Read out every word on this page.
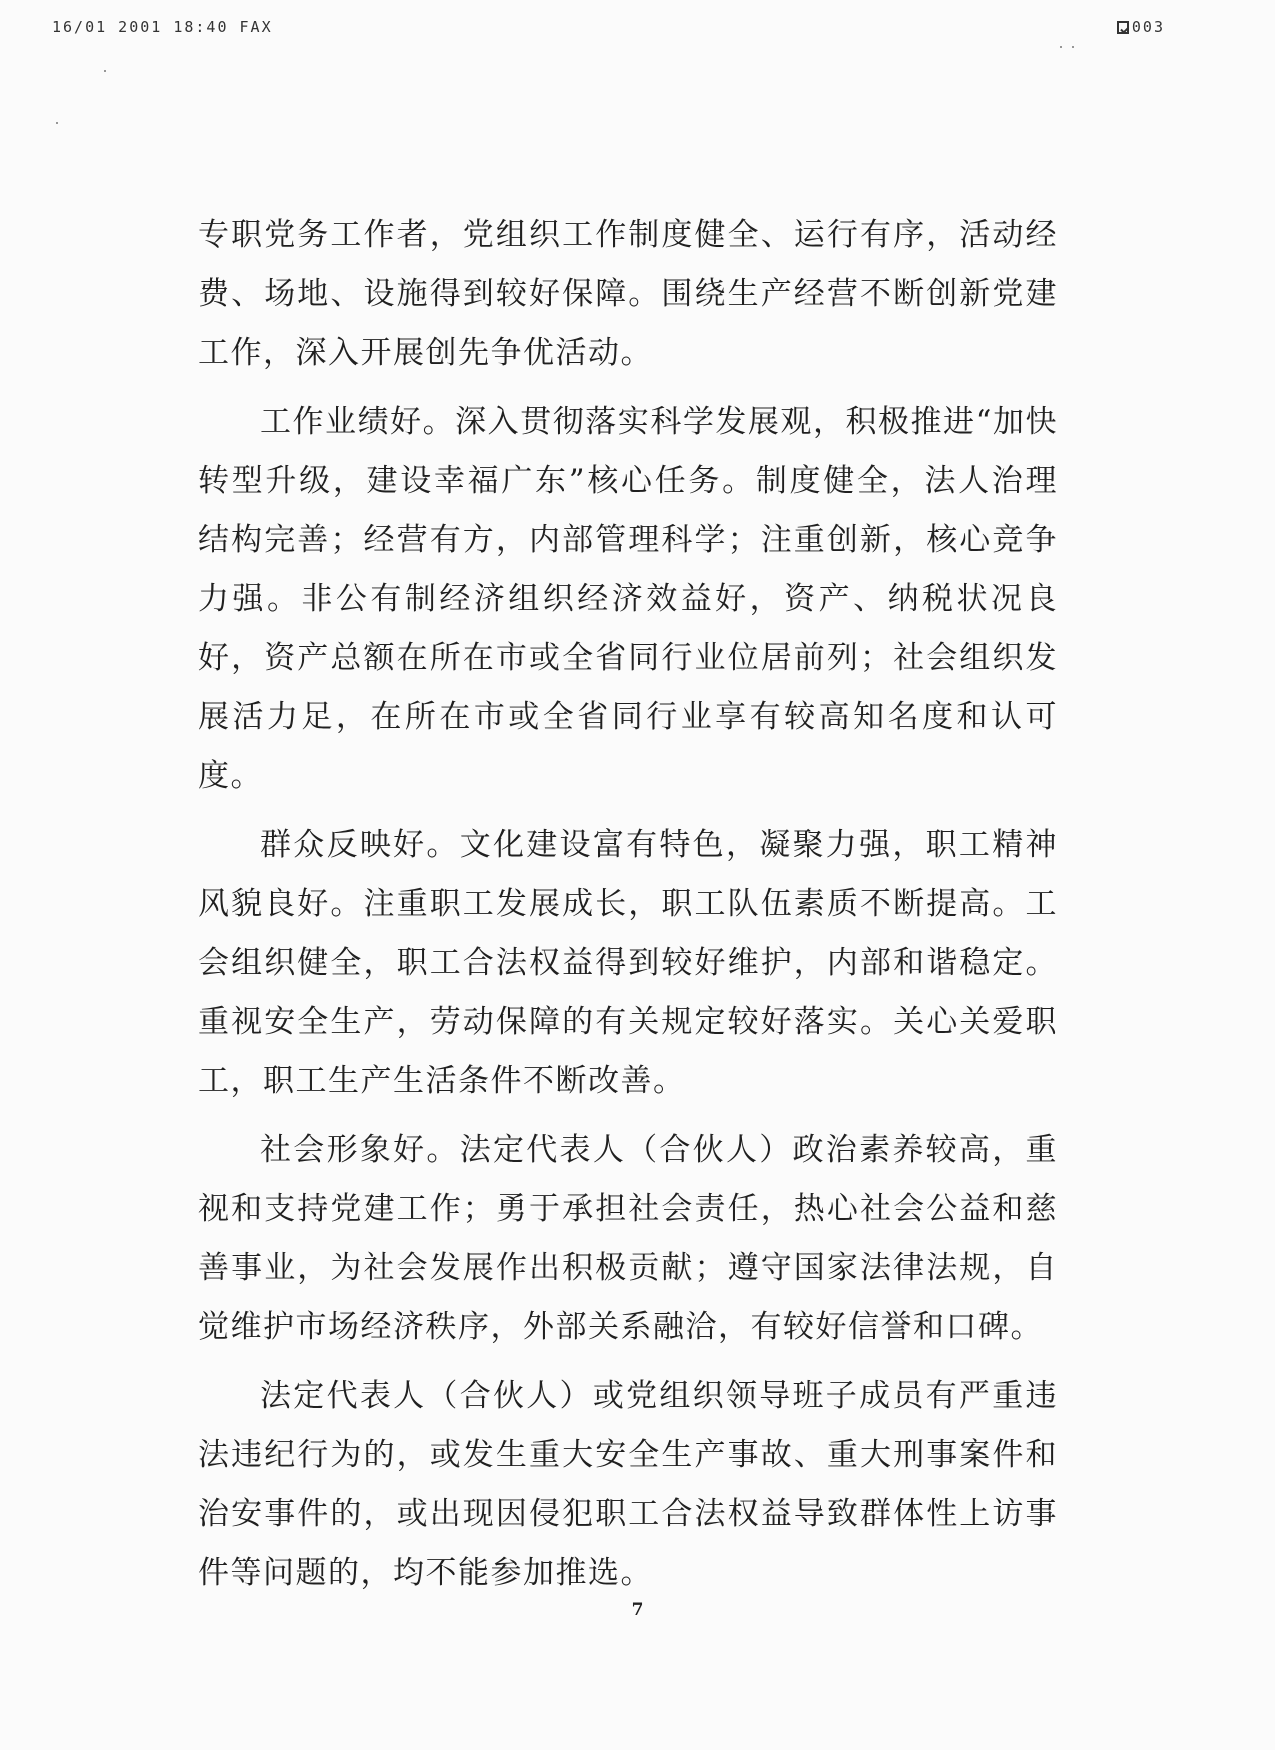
16/01 2001 18:40 FAX	003

专职党务工作者，党组织工作制度健全、运行有序，活动经费、场地、设施得到较好保障。围绕生产经营不断创新党建工作，深入开展创先争优活动。

工作业绩好。深入贯彻落实科学发展观，积极推进“加快转型升级，建设幸福广东”核心任务。制度健全，法人治理结构完善；经营有方，内部管理科学；注重创新，核心竞争力强。非公有制经济组织经济效益好，资产、纳税状况良好，资产总额在所在市或全省同行业位居前列；社会组织发展活力足，在所在市或全省同行业享有较高知名度和认可度。

群众反映好。文化建设富有特色，凝聚力强，职工精神风貌良好。注重职工发展成长，职工队伍素质不断提高。工会组织健全，职工合法权益得到较好维护，内部和谐稳定。重视安全生产，劳动保障的有关规定较好落实。关心关爱职工，职工生产生活条件不断改善。

社会形象好。法定代表人（合伙人）政治素养较高，重视和支持党建工作；勇于承担社会责任，热心社会公益和慈善事业，为社会发展作出积极贡献；遵守国家法律法规，自觉维护市场经济秩序，外部关系融洽，有较好信誉和口碑。

法定代表人（合伙人）或党组织领导班子成员有严重违法违纪行为的，或发生重大安全生产事故、重大刑事案件和治安事件的，或出现因侵犯职工合法权益导致群体性上访事件等问题的，均不能参加推选。

7
